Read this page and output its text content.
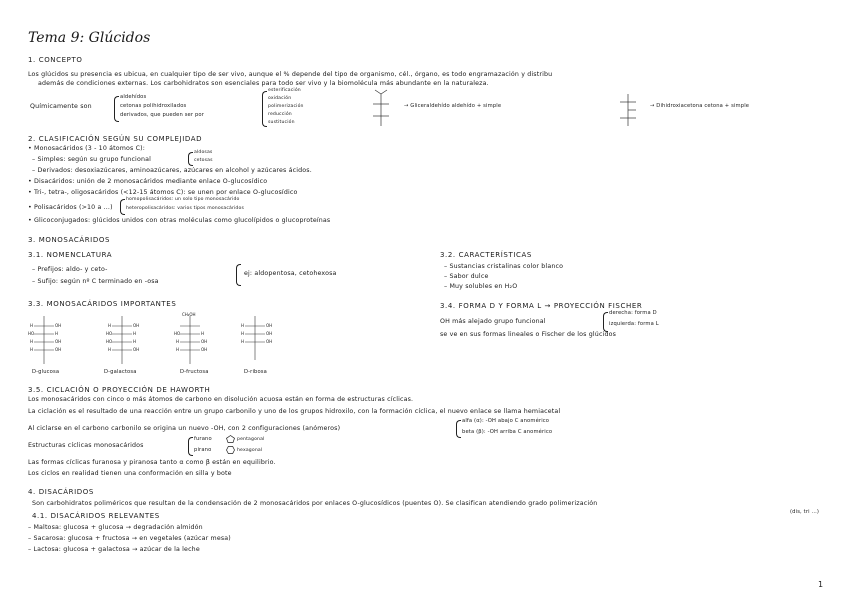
Tema 9: Glúcidos
1. CONCEPTO
Los glúcidos su presencia es ubicua, en cualquier tipo de ser vivo, aunque el % depende del tipo de organismo, cél., órgano, es todo engramazación y distribu
además de condiciones externas. Los carbohidratos son esenciales para todo ser vivo y la biomolécula más abundante en la naturaleza.
Químicamente son
aldehídos
cetonas polihidroxilados
derivados, que pueden ser por
esterificación
oxidación
polimerización
reducción
sustitución
→ Gliceraldehído aldehído + simple	→ Dihidroxiacetona cetona + simple
2. CLASIFICACIÓN SEGÚN SU COMPLEJIDAD
• Monosacáridos (3 - 10 átomos C):
– Simples: según su grupo funcional
aldosas
cetosas
– Derivados: desoxiazúcares, aminoazúcares, azúcares en alcohol y azúcares ácidos.
• Disacáridos: unión de 2 monosacáridos mediante enlace O-glucosídico
• Tri-, tetra-, oligosacáridos (<12-15 átomos C): se unen por enlace O-glucosídico
• Polisacáridos (>10 a ...)
homopolisacáridos: un solo tipo monosacárido
heteropolisacáridos: varios tipos monosacáridos
• Glicoconjugados: glúcidos unidos con otras moléculas como glucolípidos o glucoproteínas
3. MONOSACÁRIDOS
3.1. NOMENCLATURA
– Prefijos: aldo- y ceto-
– Sufijo: según nº C terminado en -osa
ej: aldopentosa, cetohexosa
3.2. CARACTERÍSTICAS
– Sustancias cristalinas color blanco
– Sabor dulce
– Muy solubles en H₂O
3.3. MONOSACÁRIDOS IMPORTANTES
H	OH
HO	H
H	OH
H	OH
H	OH
HO	H
HO	H
H	OH
CH₂OH
HO	H
H	OH
H	OH
H	OH
H	OH
H	OH
D-glucosa	D-galactosa	D-fructosa	D-ribosa
3.4. FORMA D Y FORMA L → PROYECCIÓN FISCHER
OH más alejado grupo funcional
derecha: forma D
izquierda: forma L
se ve en sus formas lineales o Fischer de los glúcidos
3.5. CICLACIÓN O PROYECCIÓN DE HAWORTH
Los monosacáridos con cinco o más átomos de carbono en disolución acuosa están en forma de estructuras cíclicas.
La ciclación es el resultado de una reacción entre un grupo carbonilo y uno de los grupos hidroxilo, con la formación cíclica, el nuevo enlace se llama hemiacetal
Al ciclarse en el carbono carbonilo se origina un nuevo -OH, con 2 configuraciones (anómeros)
alfa (α): -OH abajo C anomérico
beta (β): -OH arriba C anomérico
Estructuras cíclicas monosacáridos
furano	pentagonal
pirano	hexagonal
Las formas cíclicas furanosa y piranosa tanto α como β están en equilibrio.
Los ciclos en realidad tienen una conformación en silla y bote
4. DISACÁRIDOS
Son carbohidratos poliméricos que resultan de la condensación de 2 monosacáridos por enlaces O-glucosídicos (puentes O). Se clasifican atendiendo grado polimerización
(dis, tri ...)
4.1. DISACÁRIDOS RELEVANTES
– Maltosa: glucosa + glucosa → degradación almidón
– Sacarosa: glucosa + fructosa → en vegetales (azúcar mesa)
– Lactosa: glucosa + galactosa → azúcar de la leche
1
